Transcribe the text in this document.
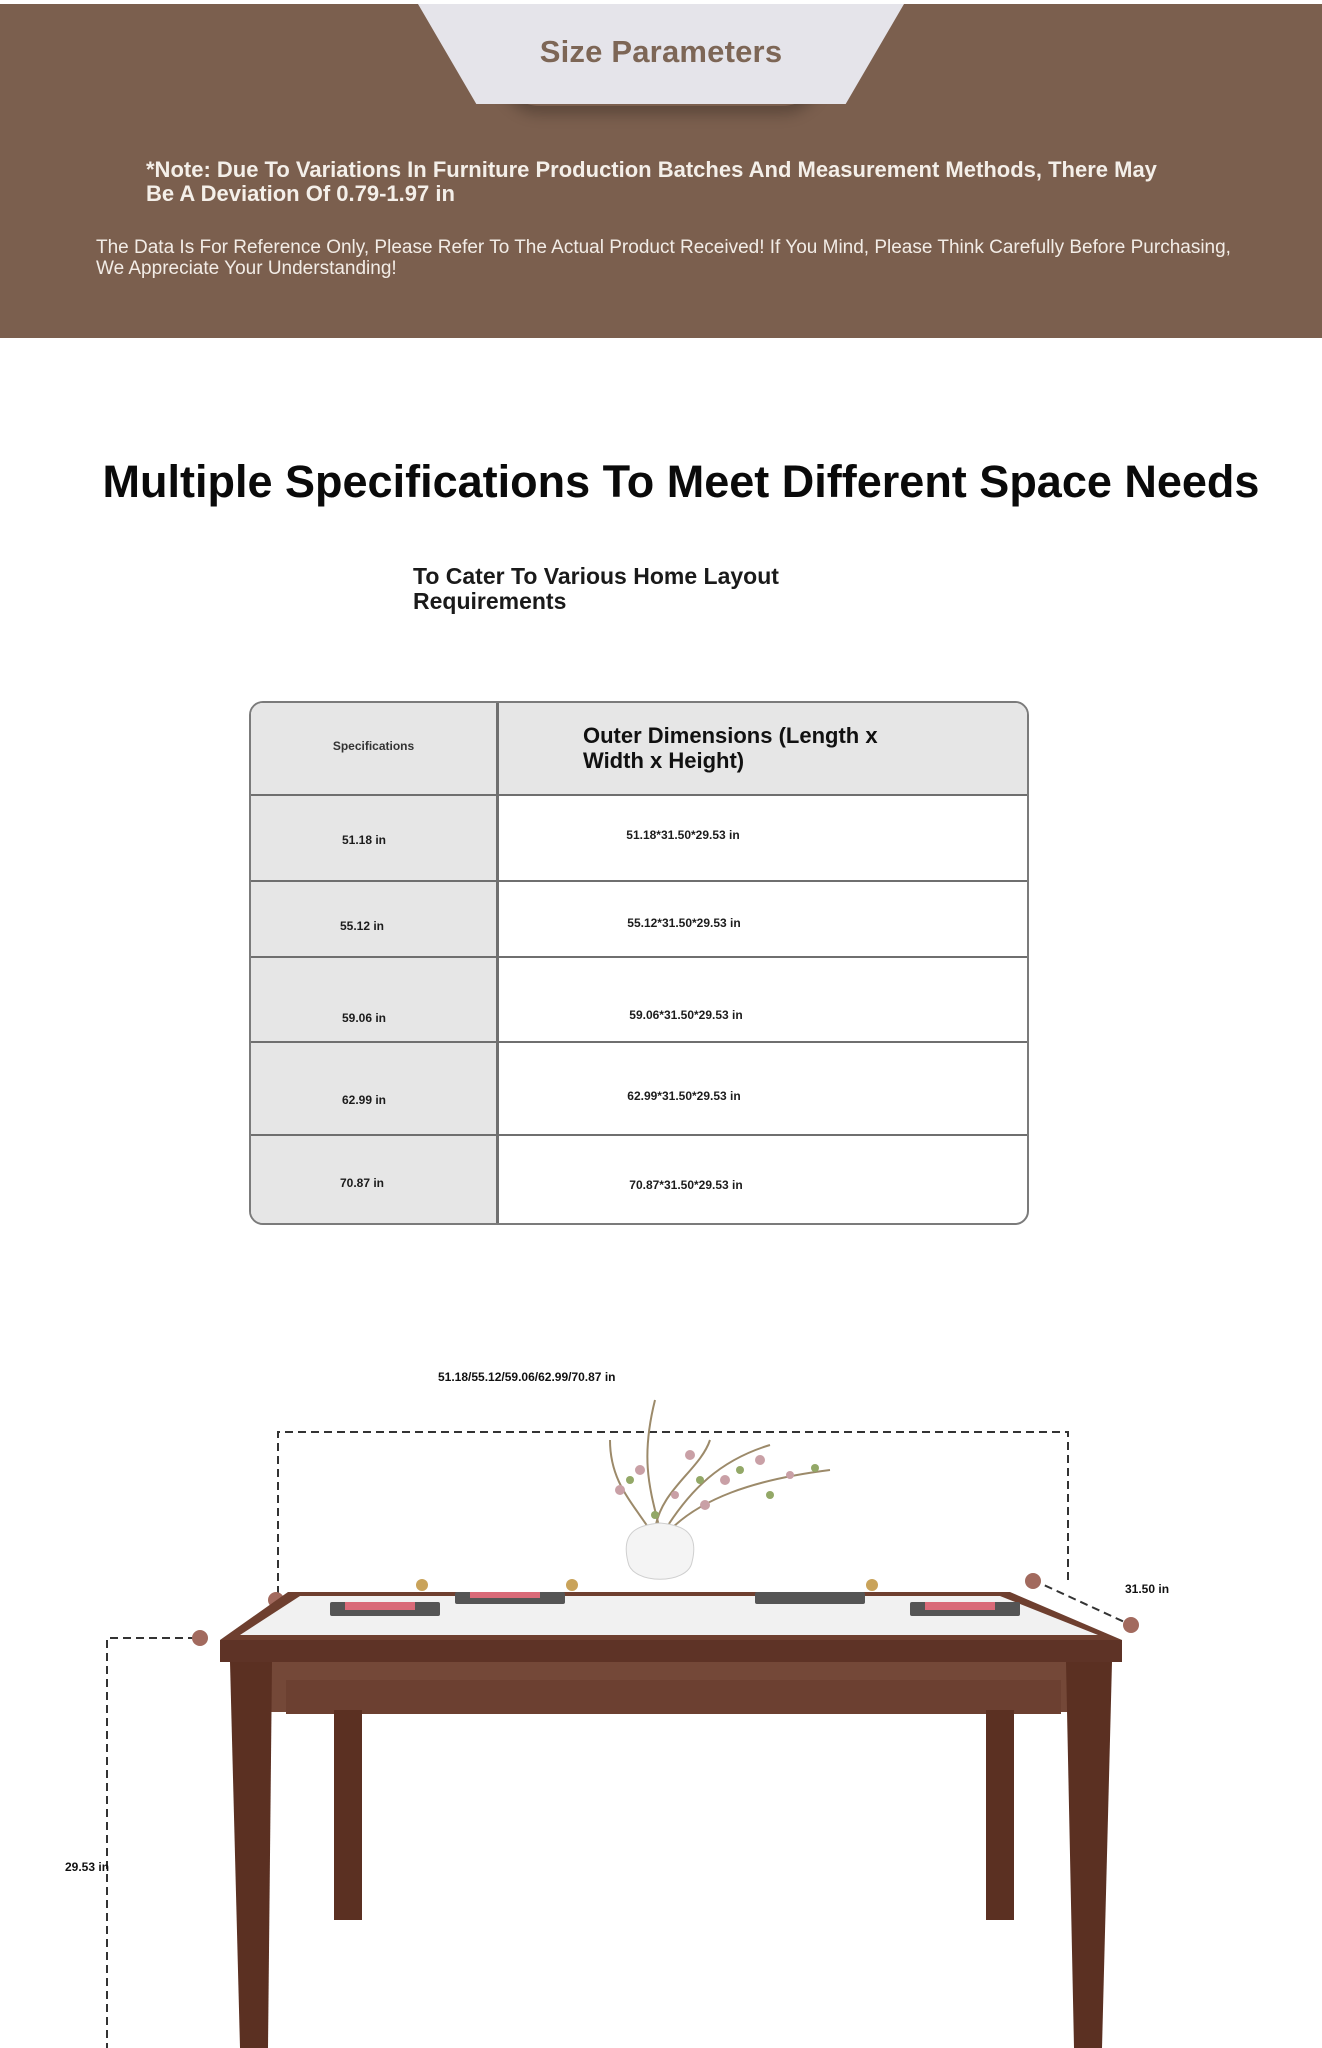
Size Parameters
*Note: Due To Variations In Furniture Production Batches And Measurement Methods, There May Be A Deviation Of 0.79-1.97 in
The Data Is For Reference Only, Please Refer To The Actual Product Received! If You Mind, Please Think Carefully Before Purchasing, We Appreciate Your Understanding!
Multiple Specifications To Meet Different Space Needs
To Cater To Various Home Layout Requirements
Specifications	Outer Dimensions (Length x Width x Height)
51.18 in	51.18*31.50*29.53 in
55.12 in	55.12*31.50*29.53 in
59.06 in	59.06*31.50*29.53 in
62.99 in	62.99*31.50*29.53 in
70.87 in	70.87*31.50*29.53 in
51.18/55.12/59.06/62.99/70.87 in
31.50 in
29.53 in
